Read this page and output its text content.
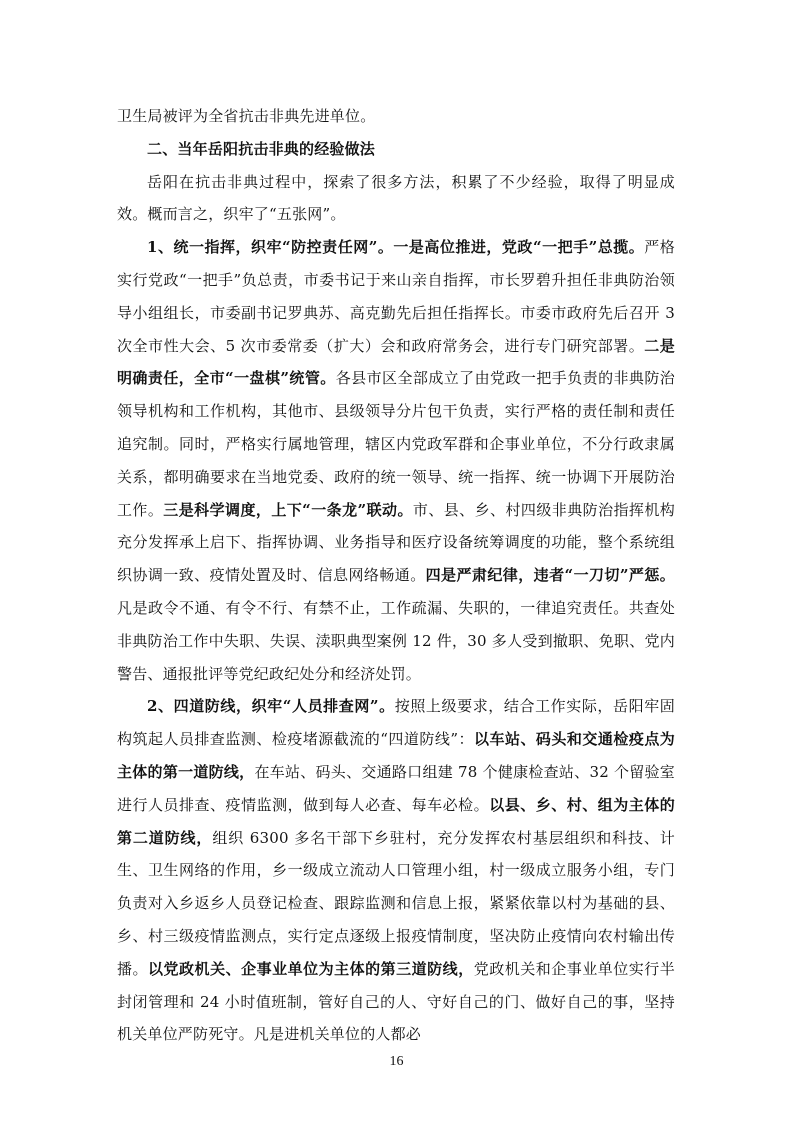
卫生局被评为全省抗击非典先进单位。

二、当年岳阳抗击非典的经验做法

岳阳在抗击非典过程中，探索了很多方法，积累了不少经验，取得了明显成效。概而言之，织牢了“五张网”。

1、统一指挥，织牢“防控责任网”。一是高位推进，党政“一把手”总揽。严格实行党政“一把手”负总责，市委书记于来山亲自指挥，市长罗碧升担任非典防治领导小组组长，市委副书记罗典苏、高克勤先后担任指挥长。市委市政府先后召开 3 次全市性大会、5 次市委常委（扩大）会和政府常务会，进行专门研究部署。二是明确责任，全市“一盘棋”统管。各县市区全部成立了由党政一把手负责的非典防治领导机构和工作机构，其他市、县级领导分片包干负责，实行严格的责任制和责任追究制。同时，严格实行属地管理，辖区内党政军群和企事业单位，不分行政隶属关系，都明确要求在当地党委、政府的统一领导、统一指挥、统一协调下开展防治工作。三是科学调度，上下“一条龙”联动。市、县、乡、村四级非典防治指挥机构充分发挥承上启下、指挥协调、业务指导和医疗设备统筹调度的功能，整个系统组织协调一致、疫情处置及时、信息网络畅通。四是严肃纪律，违者“一刀切”严惩。凡是政令不通、有令不行、有禁不止，工作疏漏、失职的，一律追究责任。共查处非典防治工作中失职、失误、渎职典型案例 12 件，30 多人受到撤职、免职、党内警告、通报批评等党纪政纪处分和经济处罚。

2、四道防线，织牢“人员排查网”。按照上级要求，结合工作实际，岳阳牢固构筑起人员排查监测、检疫堵源截流的“四道防线”：以车站、码头和交通检疫点为主体的第一道防线，在车站、码头、交通路口组建 78 个健康检查站、32 个留验室进行人员排查、疫情监测，做到每人必查、每车必检。以县、乡、村、组为主体的第二道防线，组织 6300 多名干部下乡驻村，充分发挥农村基层组织和科技、计生、卫生网络的作用，乡一级成立流动人口管理小组，村一级成立服务小组，专门负责对入乡返乡人员登记检查、跟踪监测和信息上报，紧紧依靠以村为基础的县、乡、村三级疫情监测点，实行定点逐级上报疫情制度，坚决防止疫情向农村输出传播。以党政机关、企事业单位为主体的第三道防线，党政机关和企事业单位实行半封闭管理和 24 小时值班制，管好自己的人、守好自己的门、做好自己的事，坚持机关单位严防死守。凡是进机关单位的人都必

16
